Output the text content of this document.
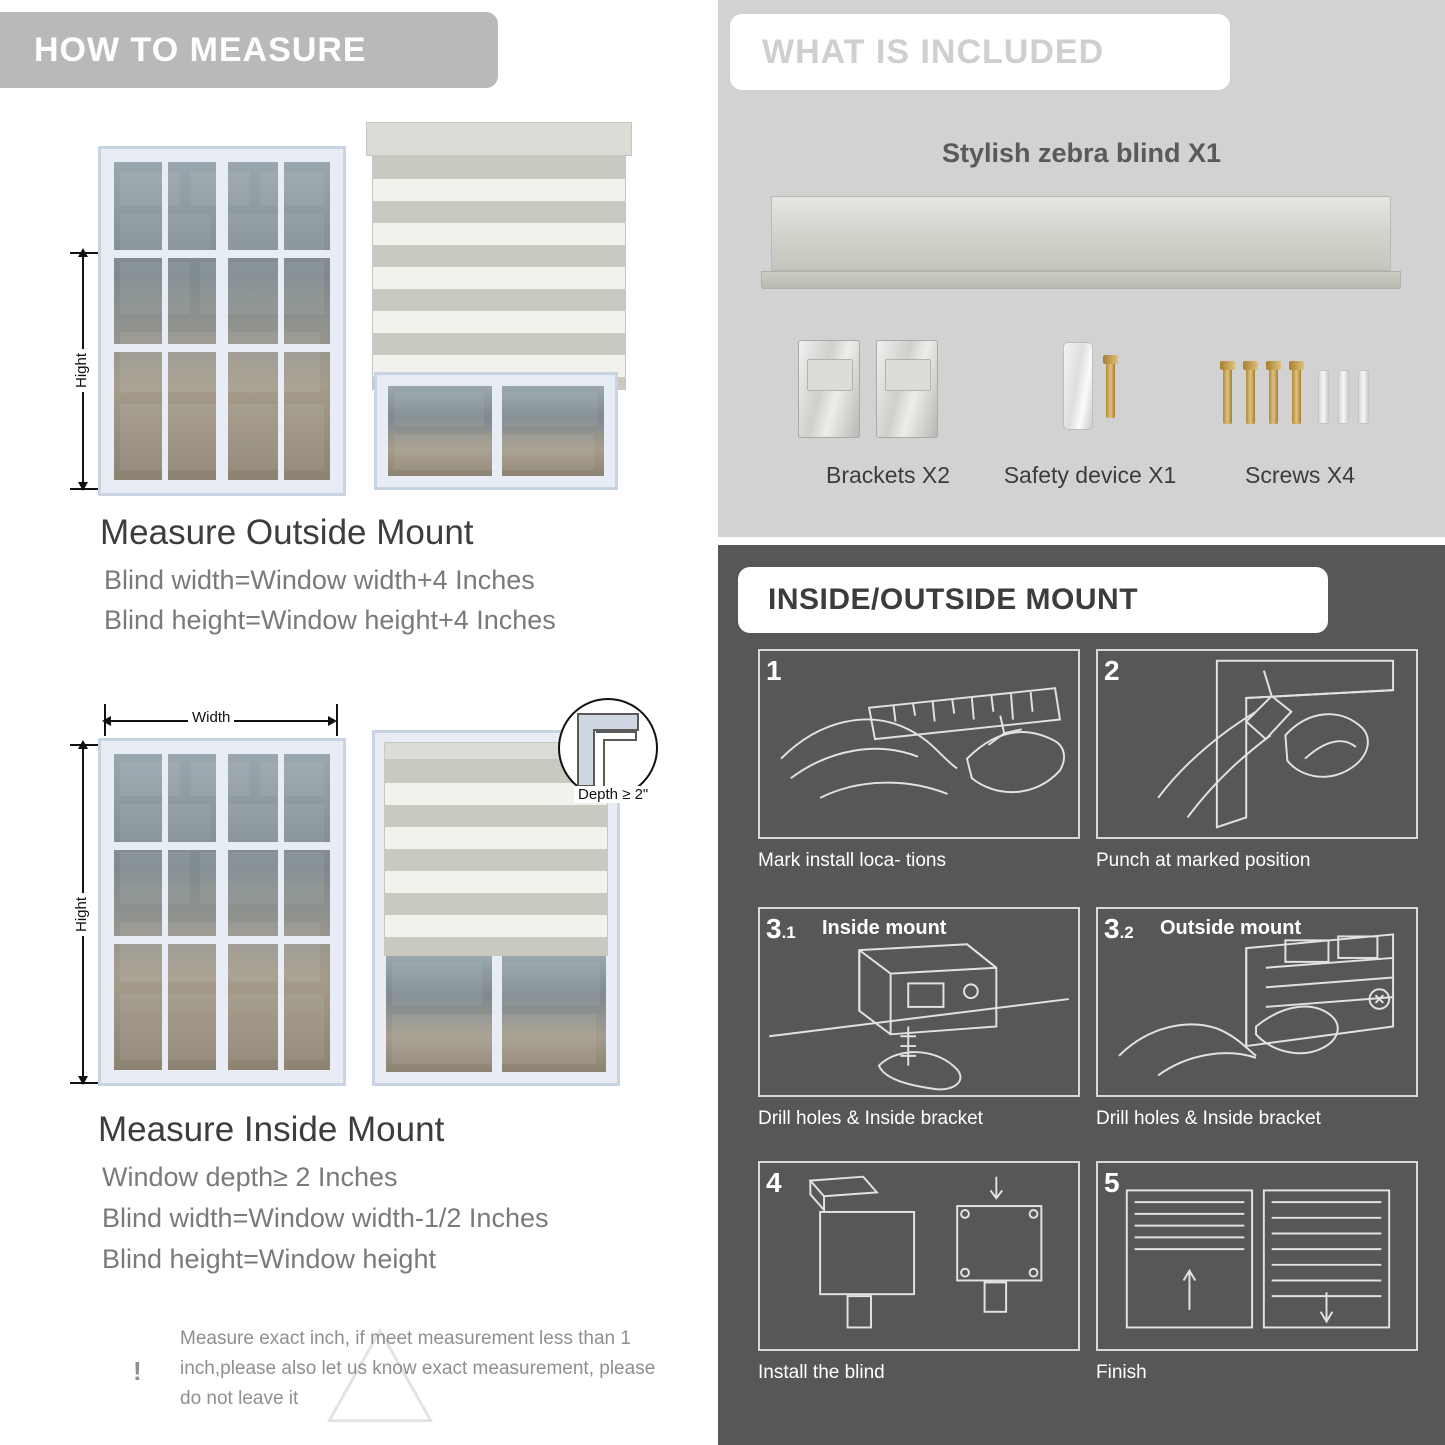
HOW TO MEASURE
Hight
Measure Outside Mount
Blind width=Window width+4 Inches
Blind height=Window height+4 Inches
Width
Hight
Depth ≥ 2"
Measure Inside Mount
Window depth≥ 2 Inches
Blind width=Window width-1/2 Inches
Blind height=Window height
!
Measure exact inch, if meet measurement less than 1 inch,please also let us know exact measurement, please do not leave it
WHAT IS INCLUDED
Stylish zebra blind X1
Brackets X2	Safety device X1	Screws X4
INSIDE/OUTSIDE MOUNT
1
Mark install loca- tions
2
Punch at marked position
3.1 Inside mount
Drill holes & Inside bracket
3.2 Outside mount
Drill holes & Inside bracket
4
Install the blind
5
Finish
